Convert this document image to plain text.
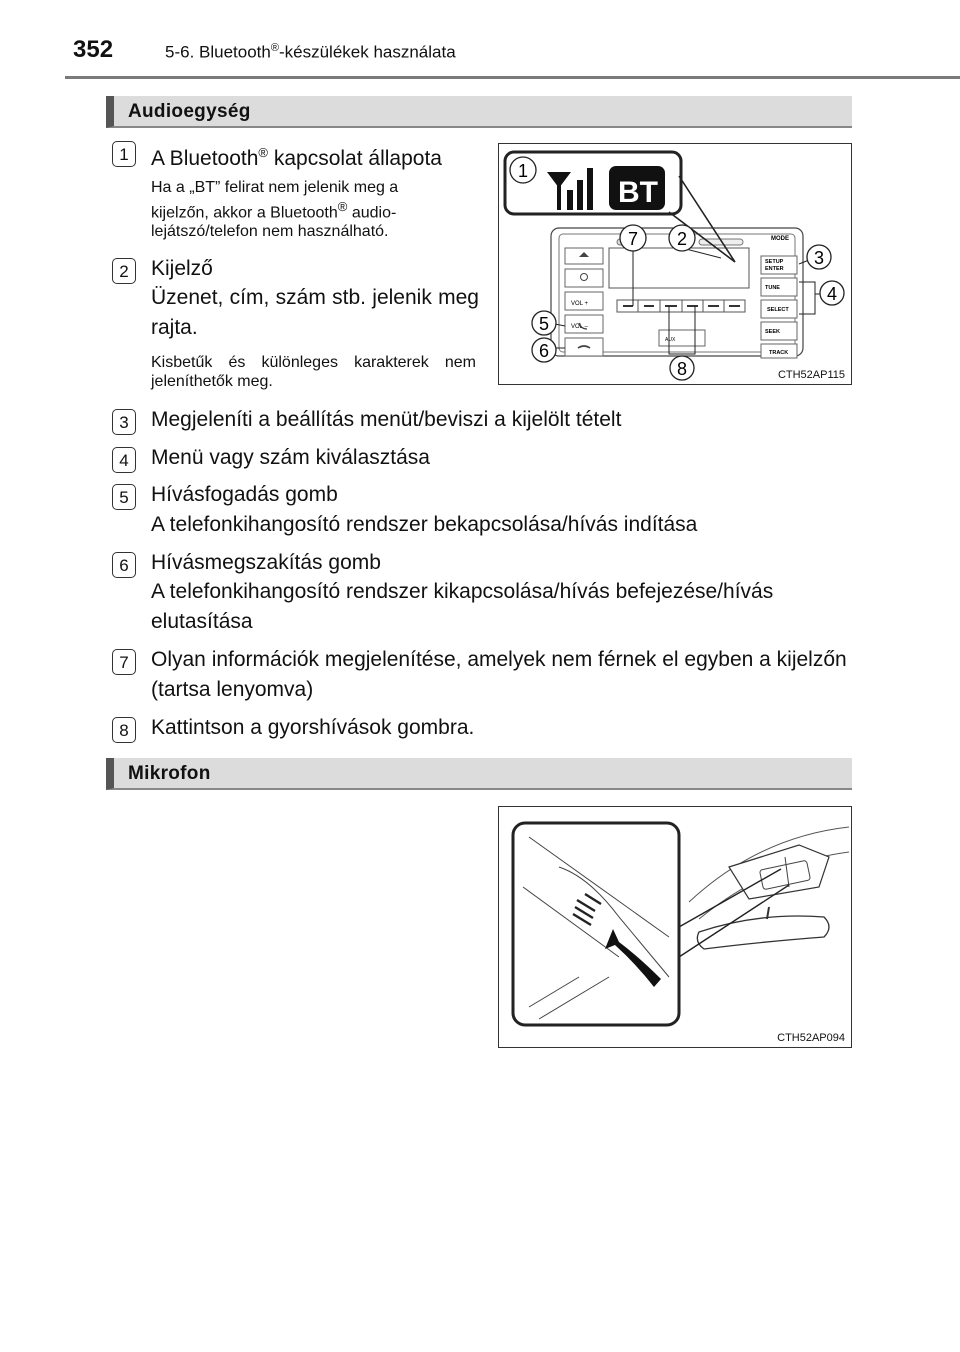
352	5-6. Bluetooth®-készülékek használata
Audioegység
1	A Bluetooth® kapcsolat állapota
Ha a „BT” felirat nem jelenik meg a
kijelzőn, akkor a Bluetooth® audio-
lejátszó/telefon nem használható.
2	Kijelző
Üzenet, cím, szám stb. jelenik meg rajta.
Kisbetűk és különleges karakterek nem jeleníthetők meg.
VOL +
VOL –
AUX
MODE
SETUP
ENTER
TUNE
SELECT
SEEK
TRACK
BT
1
2
3
4
5
6
7
8	CTH52AP115
3	Megjeleníti a beállítás menüt/beviszi a kijelölt tételt
4	Menü vagy szám kiválasztása
5	Hívásfogadás gomb
A telefonkihangosító rendszer bekapcsolása/hívás indítása
6	Hívásmegszakítás gomb
A telefonkihangosító rendszer kikapcsolása/hívás befejezése/hívás elutasítása
7	Olyan információk megjelenítése, amelyek nem férnek el egyben a kijelzőn (tartsa lenyomva)
8	Kattintson a gyorshívások gombra.
Mikrofon
CTH52AP094
